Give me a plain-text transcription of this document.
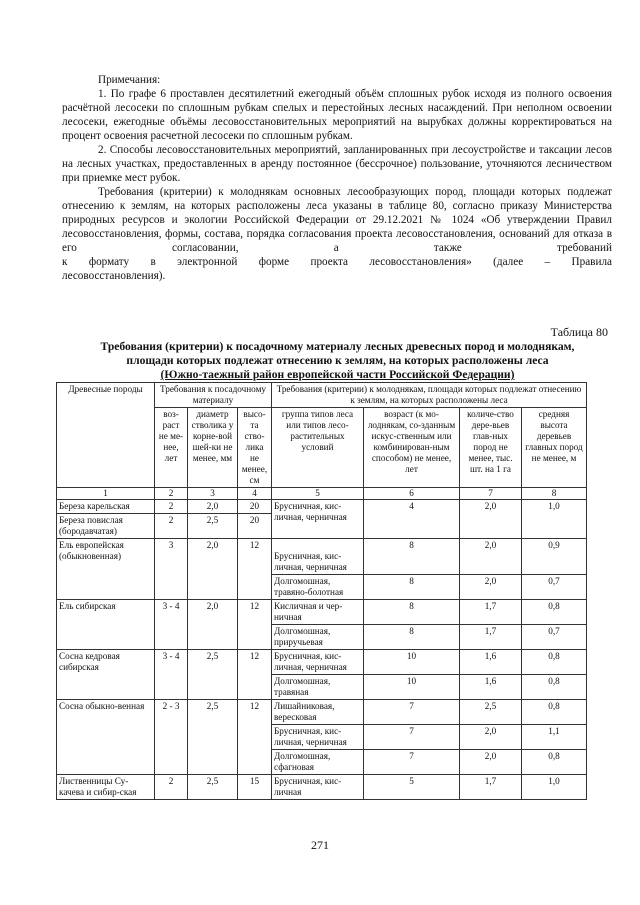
Примечания:

1. По графе 6 проставлен десятилетний ежегодный объём сплошных рубок исходя из полного освоения расчётной лесосеки по сплошным рубкам спелых и перестойных лесных насаждений. При неполном освоении лесосеки, ежегодные объёмы лесовосстановительных мероприятий на вырубках должны корректироваться на процент освоения расчетной лесосеки по сплошным рубкам.

2. Способы лесовосстановительных мероприятий, запланированных при лесоустройстве и таксации лесов на лесных участках, предоставленных в аренду постоянное (бессрочное) пользование, уточняются лесничеством при приемке мест рубок.

Требования (критерии) к молоднякам основных лесообразующих пород, площади которых подлежат отнесению к землям, на которых расположены леса указаны в таблице 80, согласно приказу Министерства природных ресурсов и экологии Российской Федерации от 29.12.2021 № 1024 «Об утверждении Правил лесовосстановления, формы, состава, порядка согласования проекта лесовосстановления, оснований для отказа в его согласовании, а также требований

к формату в электронной форме проекта лесовосстановления» (далее – Правила

лесовосстановления).

Таблица 80
Требования (критерии) к посадочному материалу лесных древесных пород и молоднякам,
площади которых подлежат отнесению к землям, на которых расположены леса
(Южно-таежный район европейской части Российской Федерации)
Древесные породы	Требования к посадочному материалу			Требования (критерии) к молоднякам, площади которых подлежат отнесению к землям, на которых расположены леса			
	воз-раст не ме-нее, лет	диаметр стволика у корне-вой шей-ки не менее, мм	высо-та ство-лика не менее, см	группа типов леса или типов лесо-растительных условий	возраст (к мо-лоднякам, со-зданным искус-ственным или комбинирован-ным способом) не менее, лет	количе-ство дере-вьев глав-ных пород не менее, тыс. шт. на 1 га	средняя высота деревьев главных пород не менее, м
1	2	3	4	5	6	7	8
Береза карельская	2	2,0	20	Брусничная, кис-личная, черничная	4	2,0	1,0
Береза повислая (бородавчатая)	2	2,5	20				
Ель европейская (обыкновенная)	3	2,0	12	Брусничная, кис-личная, черничная	8	2,0	0,9
				Долгомошная, травяно-болотная	8	2,0	0,7
Ель сибирская	3 - 4	2,0	12	Кисличная и чер-ничная	8	1,7	0,8
				Долгомошная, приручьевая	8	1,7	0,7
Сосна кедровая сибирская	3 - 4	2,5	12	Брусничная, кис-личная, черничная	10	1,6	0,8
				Долгомошная, травяная	10	1,6	0,8
Сосна обыкно-венная	2 - 3	2,5	12	Лишайниковая, вересковая	7	2,5	0,8
				Брусничная, кис-личная, черничная	7	2,0	1,1
				Долгомошная, сфагновая	7	2,0	0,8
Лиственницы Су-качева и сибир-ская	2	2,5	15	Брусничная, кис-личная	5	1,7	1,0
271
